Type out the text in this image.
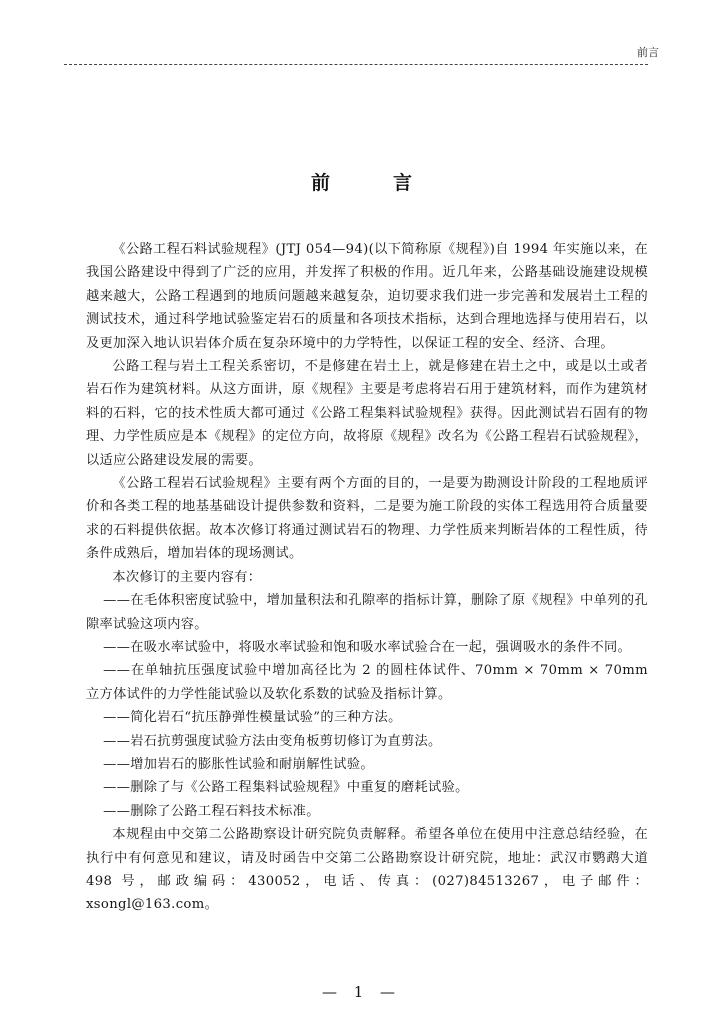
前言
前　言

《公路工程石料试验规程》(JTJ 054—94)(以下简称原《规程》)自 1994 年实施以来，在我国公路建设中得到了广泛的应用，并发挥了积极的作用。近几年来，公路基础设施建设规模越来越大，公路工程遇到的地质问题越来越复杂，迫切要求我们进一步完善和发展岩土工程的测试技术，通过科学地试验鉴定岩石的质量和各项技术指标，达到合理地选择与使用岩石，以及更加深入地认识岩体介质在复杂环境中的力学特性，以保证工程的安全、经济、合理。

公路工程与岩土工程关系密切，不是修建在岩土上，就是修建在岩土之中，或是以土或者岩石作为建筑材料。从这方面讲，原《规程》主要是考虑将岩石用于建筑材料，而作为建筑材料的石料，它的技术性质大都可通过《公路工程集料试验规程》获得。因此测试岩石固有的物理、力学性质应是本《规程》的定位方向，故将原《规程》改名为《公路工程岩石试验规程》，以适应公路建设发展的需要。

《公路工程岩石试验规程》主要有两个方面的目的，一是要为勘测设计阶段的工程地质评价和各类工程的地基基础设计提供参数和资料，二是要为施工阶段的实体工程选用符合质量要求的石料提供依据。故本次修订将通过测试岩石的物理、力学性质来判断岩体的工程性质，待条件成熟后，增加岩体的现场测试。

本次修订的主要内容有：

——在毛体积密度试验中，增加量积法和孔隙率的指标计算，删除了原《规程》中单列的孔隙率试验这项内容。

——在吸水率试验中，将吸水率试验和饱和吸水率试验合在一起，强调吸水的条件不同。

——在单轴抗压强度试验中增加高径比为 2 的圆柱体试件、70mm × 70mm × 70mm 立方体试件的力学性能试验以及软化系数的试验及指标计算。

——简化岩石“抗压静弹性模量试验”的三种方法。

——岩石抗剪强度试验方法由变角板剪切修订为直剪法。

——增加岩石的膨胀性试验和耐崩解性试验。

——删除了与《公路工程集料试验规程》中重复的磨耗试验。

——删除了公路工程石料技术标准。

本规程由中交第二公路勘察设计研究院负责解释。希望各单位在使用中注意总结经验，在执行中有何意见和建议，请及时函告中交第二公路勘察设计研究院，地址：武汉市鹦鹉大道 498 号，邮政编码：430052，电话、传真：(027)84513267，电子邮件：xsongl@163.com。

— 1 —
